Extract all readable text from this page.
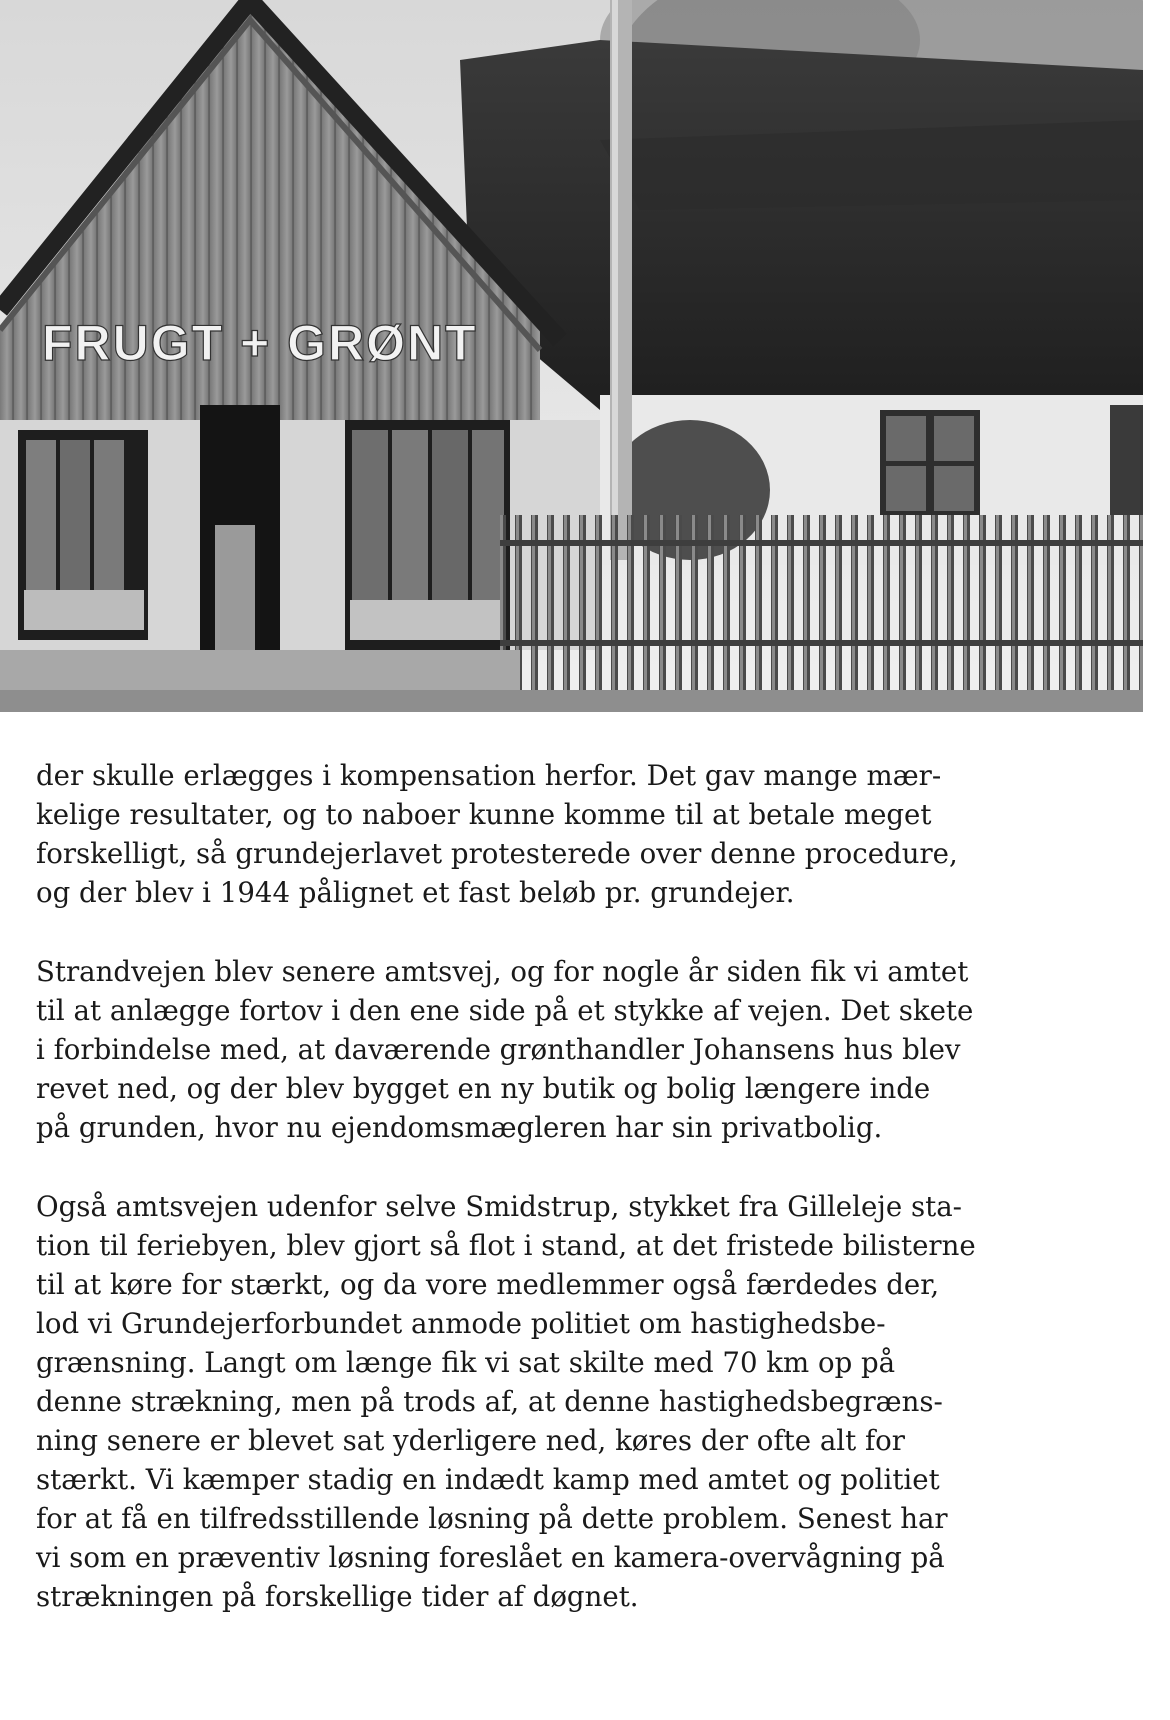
FRUGT + GRØNT

der skulle erlægges i kompensation herfor. Det gav mange mær-
kelige resultater, og to naboer kunne komme til at betale meget
forskelligt, så grundejerlavet protesterede over denne procedure,
og der blev i 1944 pålignet et fast beløb pr. grundejer.

Strandvejen blev senere amtsvej, og for nogle år siden fik vi amtet
til at anlægge fortov i den ene side på et stykke af vejen. Det skete
i forbindelse med, at daværende grønthandler Johansens hus blev
revet ned, og der blev bygget en ny butik og bolig længere inde
på grunden, hvor nu ejendomsmægleren har sin privatbolig.

Også amtsvejen udenfor selve Smidstrup, stykket fra Gilleleje sta-
tion til feriebyen, blev gjort så flot i stand, at det fristede bilisterne
til at køre for stærkt, og da vore medlemmer også færdedes der,
lod vi Grundejerforbundet anmode politiet om hastighedsbe-
grænsning. Langt om længe fik vi sat skilte med 70 km op på
denne strækning, men på trods af, at denne hastighedsbegræns-
ning senere er blevet sat yderligere ned, køres der ofte alt for
stærkt. Vi kæmper stadig en indædt kamp med amtet og politiet
for at få en tilfredsstillende løsning på dette problem. Senest har
vi som en præventiv løsning foreslået en kamera-overvågning på
strækningen på forskellige tider af døgnet.
